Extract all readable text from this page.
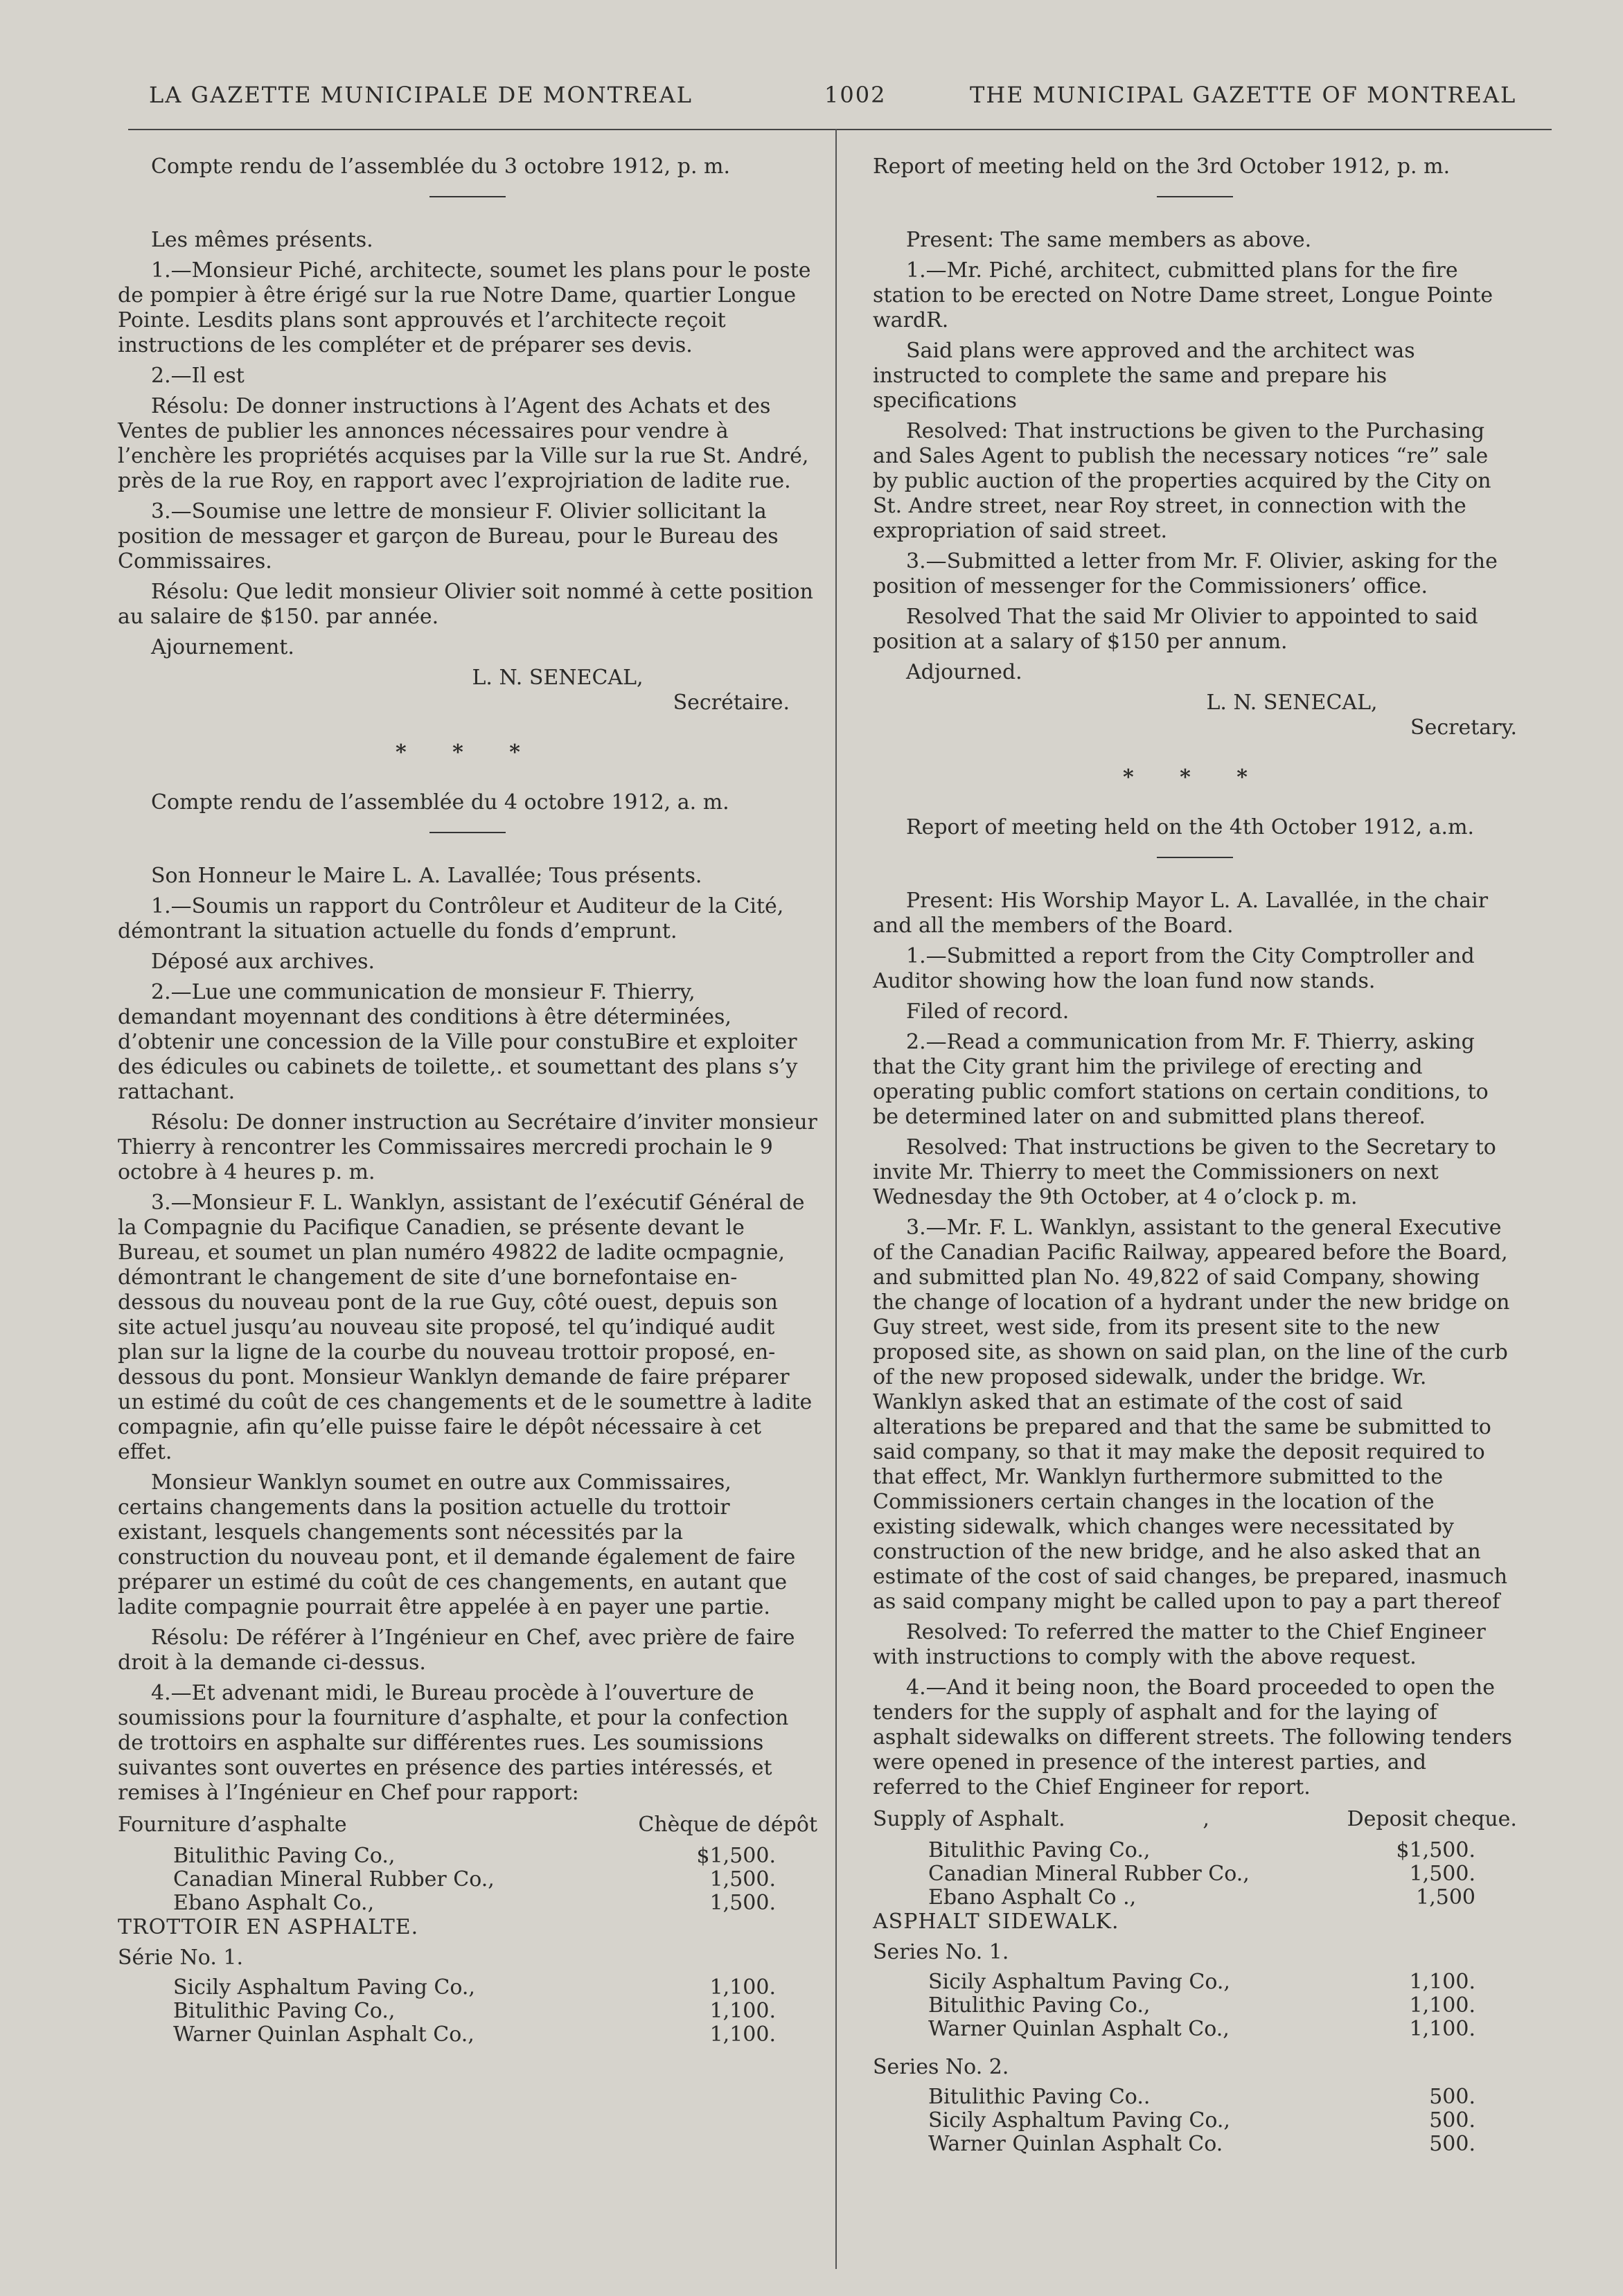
LA GAZETTE MUNICIPALE DE MONTREAL	1002	THE MUNICIPAL GAZETTE OF MONTREAL

Compte rendu de l’assemblée du 3 octobre 1912, p. m.

Les mêmes présents.

1.—Monsieur Piché, architecte, soumet les plans pour le poste de pompier à être érigé sur la rue Notre Dame, quartier Longue Pointe. Lesdits plans sont approuvés et l’architecte reçoit instructions de les compléter et de préparer ses devis.

2.—Il est

Résolu: De donner instructions à l’Agent des Achats et des Ventes de publier les annonces nécessaires pour vendre à l’enchère les propriétés acquises par la Ville sur la rue St. André, près de la rue Roy, en rapport avec l’exprojriation de ladite rue.

3.—Soumise une lettre de monsieur F. Olivier sollicitant la position de messager et garçon de Bureau, pour le Bureau des Commissaires.

Résolu: Que ledit monsieur Olivier soit nommé à cette position au salaire de $150. par année.

Ajournement.

L. N. SENECAL,

Secrétaire.

* * *

Compte rendu de l’assemblée du 4 octobre 1912, a. m.

Son Honneur le Maire L. A. Lavallée; Tous présents.

1.—Soumis un rapport du Contrôleur et Auditeur de la Cité, démontrant la situation actuelle du fonds d’emprunt.

Déposé aux archives.

2.—Lue une communication de monsieur F. Thierry, demandant moyennant des conditions à être déterminées, d’obtenir une concession de la Ville pour constuBire et exploiter des édicules ou cabinets de toilette,. et soumettant des plans s’y rattachant.

Résolu: De donner instruction au Secrétaire d’inviter monsieur Thierry à rencontrer les Commissaires mercredi prochain le 9 octobre à 4 heures p. m.

3.—Monsieur F. L. Wanklyn, assistant de l’exécutif Général de la Compagnie du Pacifique Canadien, se présente devant le Bureau, et soumet un plan numéro 49822 de ladite ocmpagnie, démontrant le changement de site d’une bornefontaise en-dessous du nouveau pont de la rue Guy, côté ouest, depuis son site actuel jusqu’au nouveau site proposé, tel qu’indiqué audit plan sur la ligne de la courbe du nouveau trottoir proposé, en-dessous du pont. Monsieur Wanklyn demande de faire préparer un estimé du coût de ces changements et de le soumettre à ladite compagnie, afin qu’elle puisse faire le dépôt nécessaire à cet effet.

Monsieur Wanklyn soumet en outre aux Commissaires, certains changements dans la position actuelle du trottoir existant, lesquels changements sont nécessités par la construction du nouveau pont, et il demande également de faire préparer un estimé du coût de ces changements, en autant que ladite compagnie pourrait être appelée à en payer une partie.

Résolu: De référer à l’Ingénieur en Chef, avec prière de faire droit à la demande ci-dessus.

4.—Et advenant midi, le Bureau procède à l’ouverture de soumissions pour la fourniture d’asphalte, et pour la confection de trottoirs en asphalte sur différentes rues. Les soumissions suivantes sont ouvertes en présence des parties intéressés, et remises à l’Ingénieur en Chef pour rapport:

Fourniture d’asphalte	Chèque de dépôt
Bitulithic Paving Co.,	$1,500.
Canadian Mineral Rubber Co.,	1,500.
Ebano Asphalt Co.,	1,500.

TROTTOIR EN ASPHALTE.

Série No. 1.

Sicily Asphaltum Paving Co.,	1,100.
Bitulithic Paving Co.,	1,100.
Warner Quinlan Asphalt Co.,	1,100.

Report of meeting held on the 3rd October 1912, p. m.

Present: The same members as above.

1.—Mr. Piché, architect, cubmitted plans for the fire station to be erected on Notre Dame street, Longue Pointe wardR.

Said plans were approved and the architect was instructed to complete the same and prepare his specifications

Resolved: That instructions be given to the Purchasing and Sales Agent to publish the necessary notices “re” sale by public auction of the properties acquired by the City on St. Andre street, near Roy street, in connection with the expropriation of said street.

3.—Submitted a letter from Mr. F. Olivier, asking for the position of messenger for the Commissioners’ office.

Resolved That the said Mr Olivier to appointed to said position at a salary of $150 per annum.

Adjourned.

L. N. SENECAL,

Secretary.

* * *

Report of meeting held on the 4th October 1912, a.m.

Present: His Worship Mayor L. A. Lavallée, in the chair and all the members of the Board.

1.—Submitted a report from the City Comptroller and Auditor showing how the loan fund now stands.

Filed of record.

2.—Read a communication from Mr. F. Thierry, asking that the City grant him the privilege of erecting and operating public comfort stations on certain conditions, to be determined later on and submitted plans thereof.

Resolved: That instructions be given to the Secretary to invite Mr. Thierry to meet the Commissioners on next Wednesday the 9th October, at 4 o’clock p. m.

3.—Mr. F. L. Wanklyn, assistant to the general Executive of the Canadian Pacific Railway, appeared before the Board, and submitted plan No. 49,822 of said Company, showing the change of location of a hydrant under the new bridge on Guy street, west side, from its present site to the new proposed site, as shown on said plan, on the line of the curb of the new proposed sidewalk, under the bridge. Wr. Wanklyn asked that an estimate of the cost of said alterations be prepared and that the same be submitted to said company, so that it may make the deposit required to that effect, Mr. Wanklyn furthermore submitted to the Commissioners certain changes in the location of the existing sidewalk, which changes were necessitated by construction of the new bridge, and he also asked that an estimate of the cost of said changes, be prepared, inasmuch as said company might be called upon to pay a part thereof

Resolved: To referred the matter to the Chief Engineer with instructions to comply with the above request.

4.—And it being noon, the Board proceeded to open the tenders for the supply of asphalt and for the laying of asphalt sidewalks on different streets. The following tenders were opened in presence of the interest parties, and referred to the Chief Engineer for report.

Supply of Asphalt.	,	Deposit cheque.
Bitulithic Paving Co.,	$1,500.
Canadian Mineral Rubber Co.,	1,500.
Ebano Asphalt Co .,	1,500

ASPHALT SIDEWALK.

Series No. 1.

Sicily Asphaltum Paving Co.,	1,100.
Bitulithic Paving Co.,	1,100.
Warner Quinlan Asphalt Co.,	1,100.

Series No. 2.

Bitulithic Paving Co..	500.
Sicily Asphaltum Paving Co.,	500.
Warner Quinlan Asphalt Co.	500.
